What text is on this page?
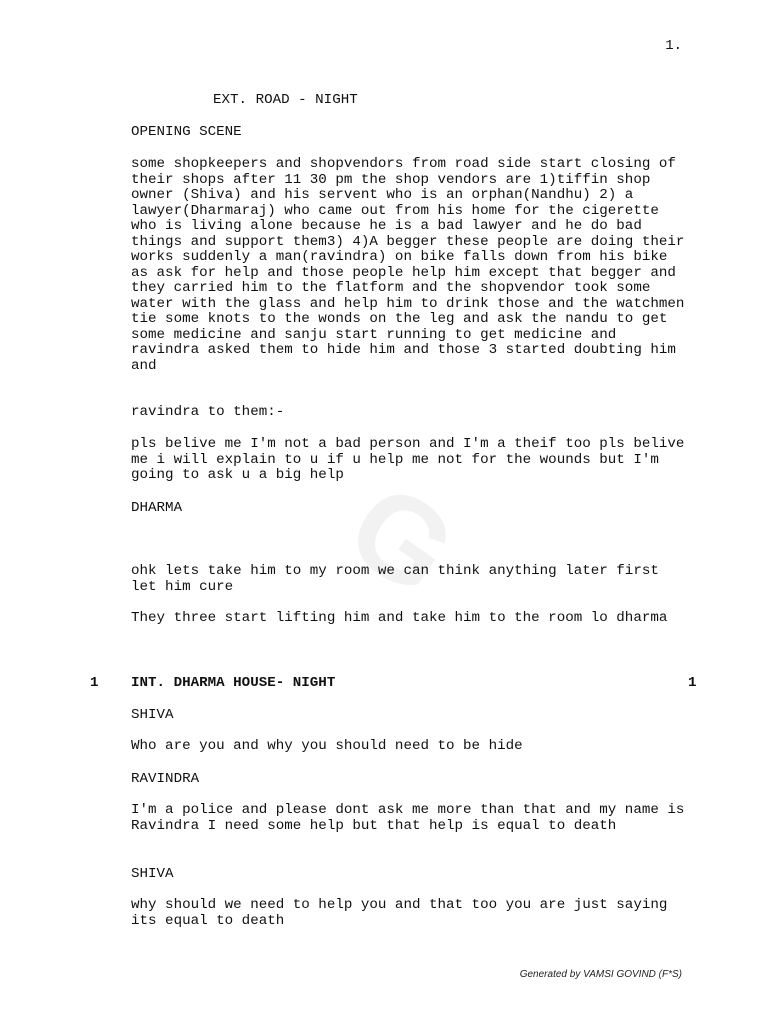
G
1.
EXT. ROAD - NIGHT
OPENING SCENE

some shopkeepers and shopvendors from road side start closing of their shops after 11 30 pm the shop vendors are 1)tiffin shop owner (Shiva) and his servent who is an orphan(Nandhu) 2) a lawyer(Dharmaraj) who came out from his home for the cigerette who is living alone because he is a bad lawyer and he do bad things and support them3) 4)A begger these people are doing their works suddenly a man(ravindra) on bike falls down from his bike as ask for help and those people help him except that begger and they carried him to the flatform and the shopvendor took some water with the glass and help him to drink those and the watchmen tie some knots to the wonds on the leg and ask the nandu to get some medicine and sanju start running to get medicine and ravindra asked them to hide him and those 3 started doubting him and

ravindra to them:-

pls belive me I'm not a bad person and I'm a theif too pls belive me i will explain to u if u help me not for the wounds but I'm going to ask u a big help

DHARMA

ohk lets take him to my room we can think anything later first let him cure

They three start lifting him and take him to the room lo dharma

1 INT. DHARMA HOUSE- NIGHT	1
SHIVA

Who are you and why you should need to be hide

RAVINDRA

I'm a police and please dont ask me more than that and my name is Ravindra I need some help but that help is equal to death

SHIVA

why should we need to help you and that too you are just saying its equal to death

Generated by VAMSI GOVIND (F*S)
